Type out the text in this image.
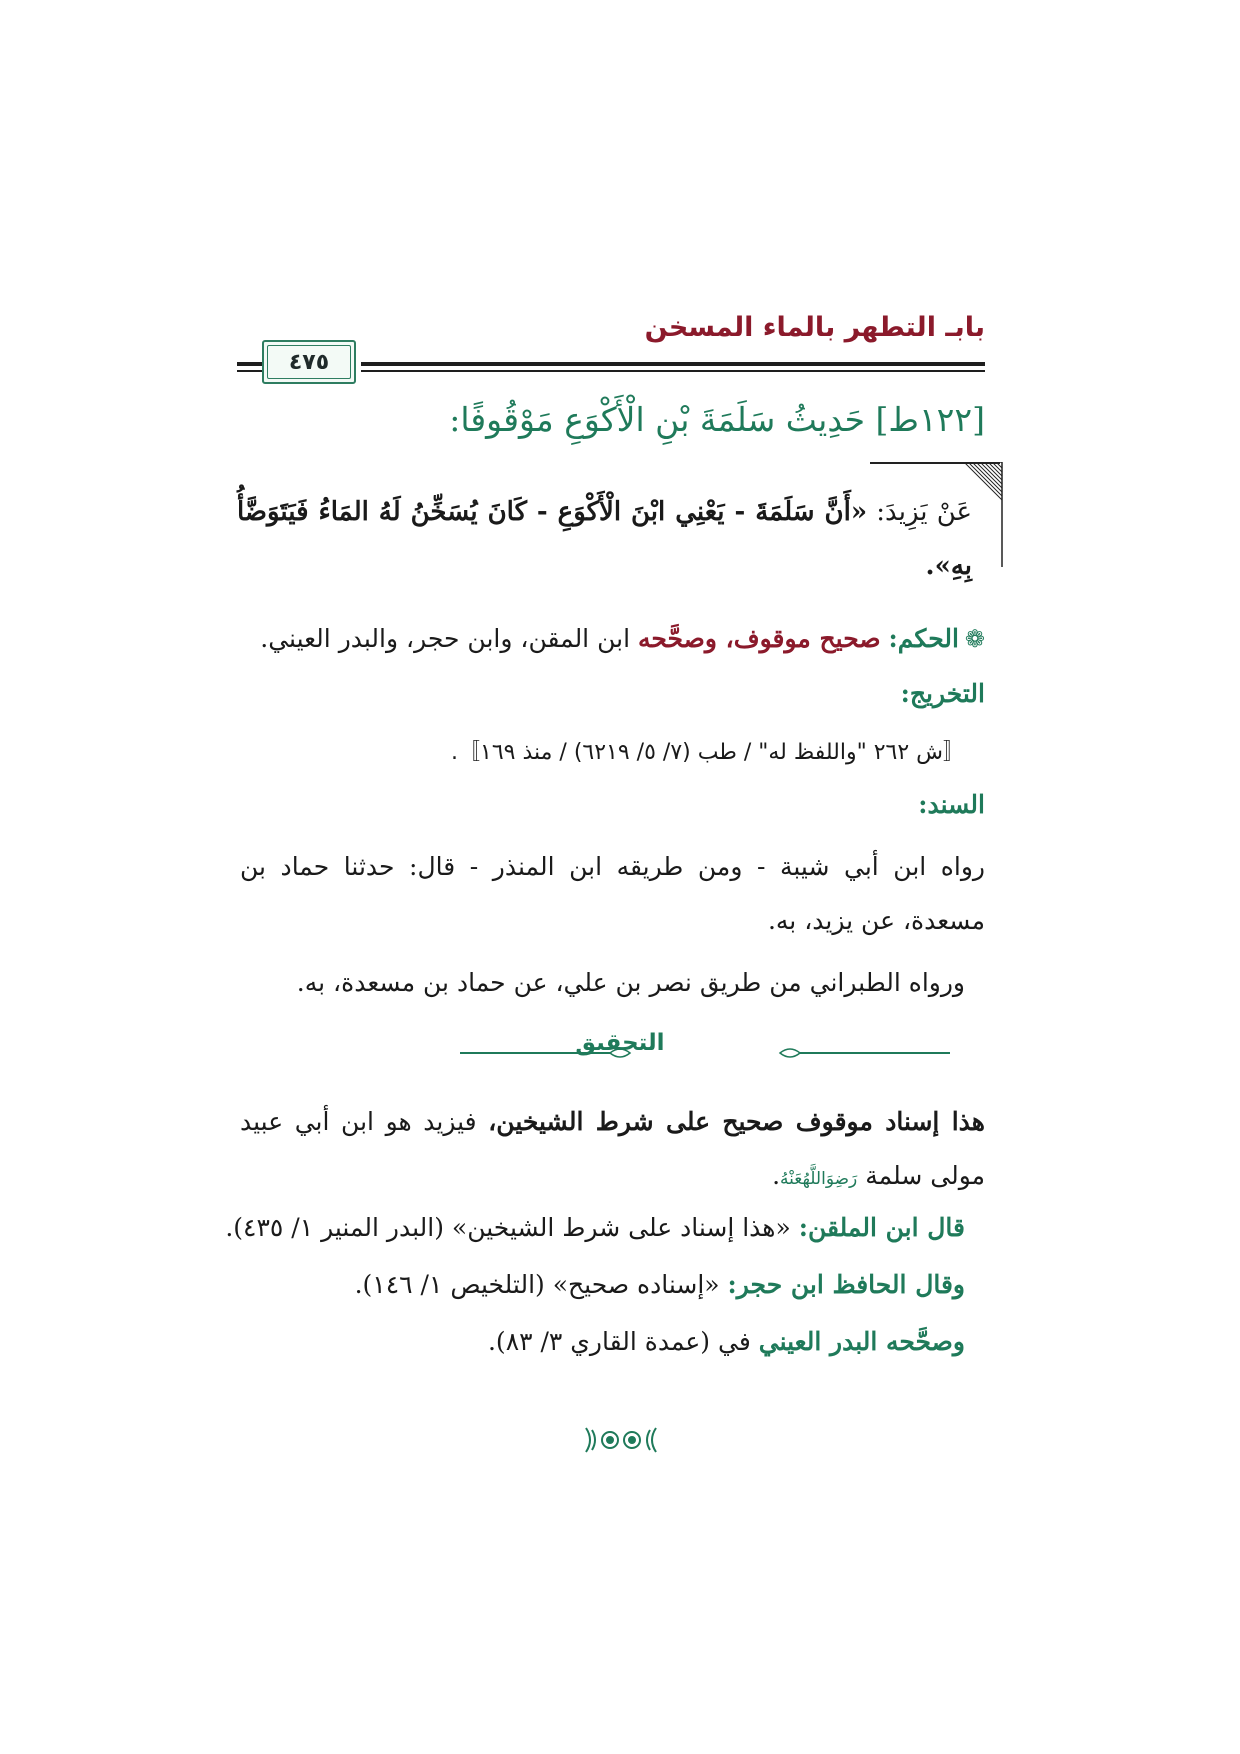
بابـ التطهر بالماء المسخن
٤٧٥
[١٢٢ط] حَدِيثُ سَلَمَةَ بْنِ الْأَكْوَعِ مَوْقُوفًا:
عَنْ يَزِيدَ: «أَنَّ سَلَمَةَ - يَعْنِي ابْنَ الْأَكْوَعِ - كَانَ يُسَخِّنُ لَهُ المَاءُ فَيَتَوَضَّأُ بِهِ».
❁الحكم: صحيح موقوف، وصحَّحه ابن المقن، وابن حجر، والبدر العيني.
التخريج:
〚ش ٢٦٢ "واللفظ له" / طب (٧/ ٥/ ٦٢١٩) / منذ ١٦٩〛.
السند:
رواه ابن أبي شيبة - ومن طريقه ابن المنذر - قال: حدثنا حماد بن مسعدة، عن يزيد، به.
ورواه الطبراني من طريق نصر بن علي، عن حماد بن مسعدة، به.
التحقيق
هذا إسناد موقوف صحيح على شرط الشيخين، فيزيد هو ابن أبي عبيد مولى سلمة رَضِوَاللَّهُعَنْهُ.
قال ابن الملقن: «هذا إسناد على شرط الشيخين» (البدر المنير ١/ ٤٣٥).
وقال الحافظ ابن حجر: «إسناده صحيح» (التلخيص ١/ ١٤٦).
وصحَّحه البدر العيني في (عمدة القاري ٣/ ٨٣).
